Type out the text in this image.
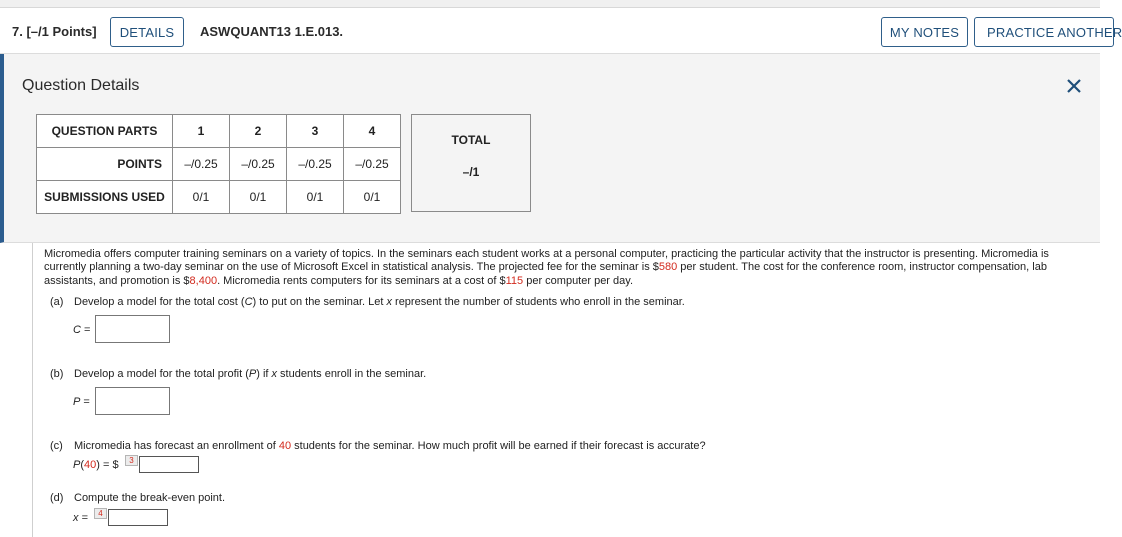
7. [–/1 Points]	DETAILS	ASWQUANT13 1.E.013.	MY NOTES	PRACTICE ANOTHER
Question Details
QUESTION PARTS	1	2	3	4
POINTS	–/0.25	–/0.25	–/0.25	–/0.25
SUBMISSIONS USED	0/1	0/1	0/1	0/1
TOTAL
–/1

Micromedia offers computer training seminars on a variety of topics. In the seminars each student works at a personal computer, practicing the particular activity that the instructor is presenting. Micromedia is currently planning a two-day seminar on the use of Microsoft Excel in statistical analysis. The projected fee for the seminar is $580 per student. The cost for the conference room, instructor compensation, lab assistants, and promotion is $8,400. Micromedia rents computers for its seminars at a cost of $115 per computer per day.

(a) Develop a model for the total cost (C) to put on the seminar. Let x represent the number of students who enroll in the seminar.
C =
(b) Develop a model for the total profit (P) if x students enroll in the seminar.
P =
(c) Micromedia has forecast an enrollment of 40 students for the seminar. How much profit will be earned if their forecast is accurate?
P(40) = $	3
(d) Compute the break-even point.
x =	4
